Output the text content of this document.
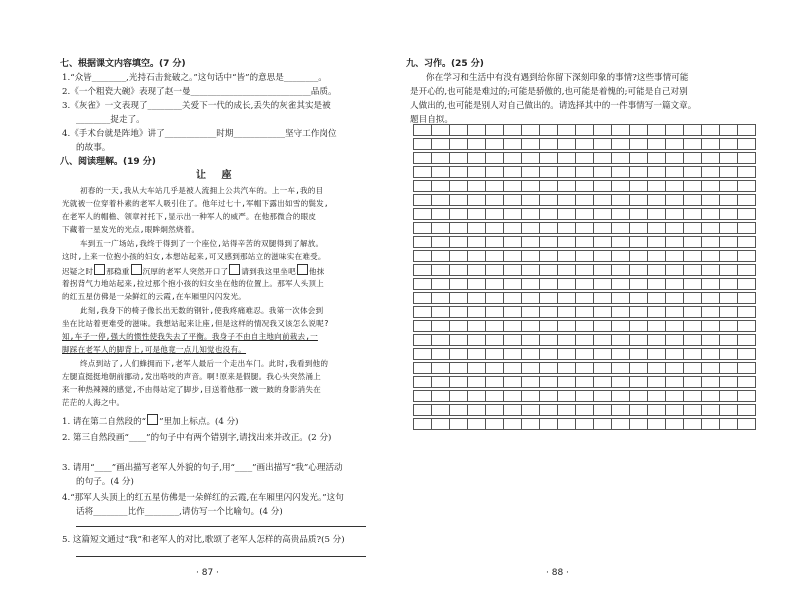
七、根据课文内容填空。(7 分)
1.“众皆________,光持石击瓮破之。”这句话中“皆”的意思是________。
2.《一个粗瓷大碗》表现了赵一曼____________________________品质。
3.《灰雀》一文表现了________关爱下一代的成长,丢失的灰雀其实是被
________捉走了。
4.《手术台就是阵地》讲了____________时期____________坚守工作岗位
的故事。
八、阅读理解。(19 分)
让 座
初春的一天,我从大车站几乎是被人流拥上公共汽车的。上一车,我的目
光就被一位穿着朴素的老军人吸引住了。他年过七十,军帽下露出如雪的鬓发,
在老军人的帽檐、领章衬托下,显示出一种军人的威严。在他那微合的眼皮
下藏着一星发光的光点,眼眸炯然烧着。
车到五一广场站,我终于得到了一个座位,站得辛苦的双腿得到了解放。
这时,上来一位抱小孩的妇女,本想站起来,可又感到那站立的滋味实在难受。
迟疑之时 那稳重 沉厚的老军人突然开口了 请到我这里坐吧 他抹
着拐背气力地站起来,拉过那个抱小孩的妇女坐在他的位置上。那军人头顶上
的红五星仿佛是一朵鲜红的云霞,在车厢里闪闪发光。
此刻,我身下的椅子像长出无数的钢针,使我疼痛难忍。我第一次体会到
坐在比站着更难受的滋味。我想站起来让座,但是这样的情况我又该怎么说呢?
知,车子一停,强大的惯性使我失去了平衡。我身子不由自主地向前栽去,一
脚踩在老军人的脚背上,可是他竟一点儿知觉也没有。
终点到站了,人们蜂拥而下,老军人最后一个走出车门。此时,我看到他的
左腿直挺挺地朝前挪动,发出咯吱的声音。啊!原来是假腿。我心头突然涌上
来一种热辣辣的感觉,不由得站定了脚步,目送着他那一跛一跛的身影消失在
茫茫的人海之中。
1. 请在第二自然段的“ ”里加上标点。(4 分)
2. 第三自然段画“____”的句子中有两个错别字,请找出来并改正。(2 分)
3. 请用“____”画出描写老军人外貌的句子,用“____”画出描写“我”心理活动
的句子。(4 分)
4.“那军人头顶上的红五星仿佛是一朵鲜红的云霞,在车厢里闪闪发光。”这句
话将________比作________,请仿写一个比喻句。(4 分)
5. 这篇短文通过“我”和老军人的对比,歌颂了老军人怎样的高贵品质?(5 分)
· 87 ·
九、习作。(25 分)
你在学习和生活中有没有遇到给你留下深刻印象的事情?这些事情可能
是开心的,也可能是难过的;可能是骄傲的,也可能是着愧的;可能是自己对别
人做出的,也可能是别人对自己做出的。请选择其中的一件事情写一篇文章。
题目自拟。
· 88 ·
